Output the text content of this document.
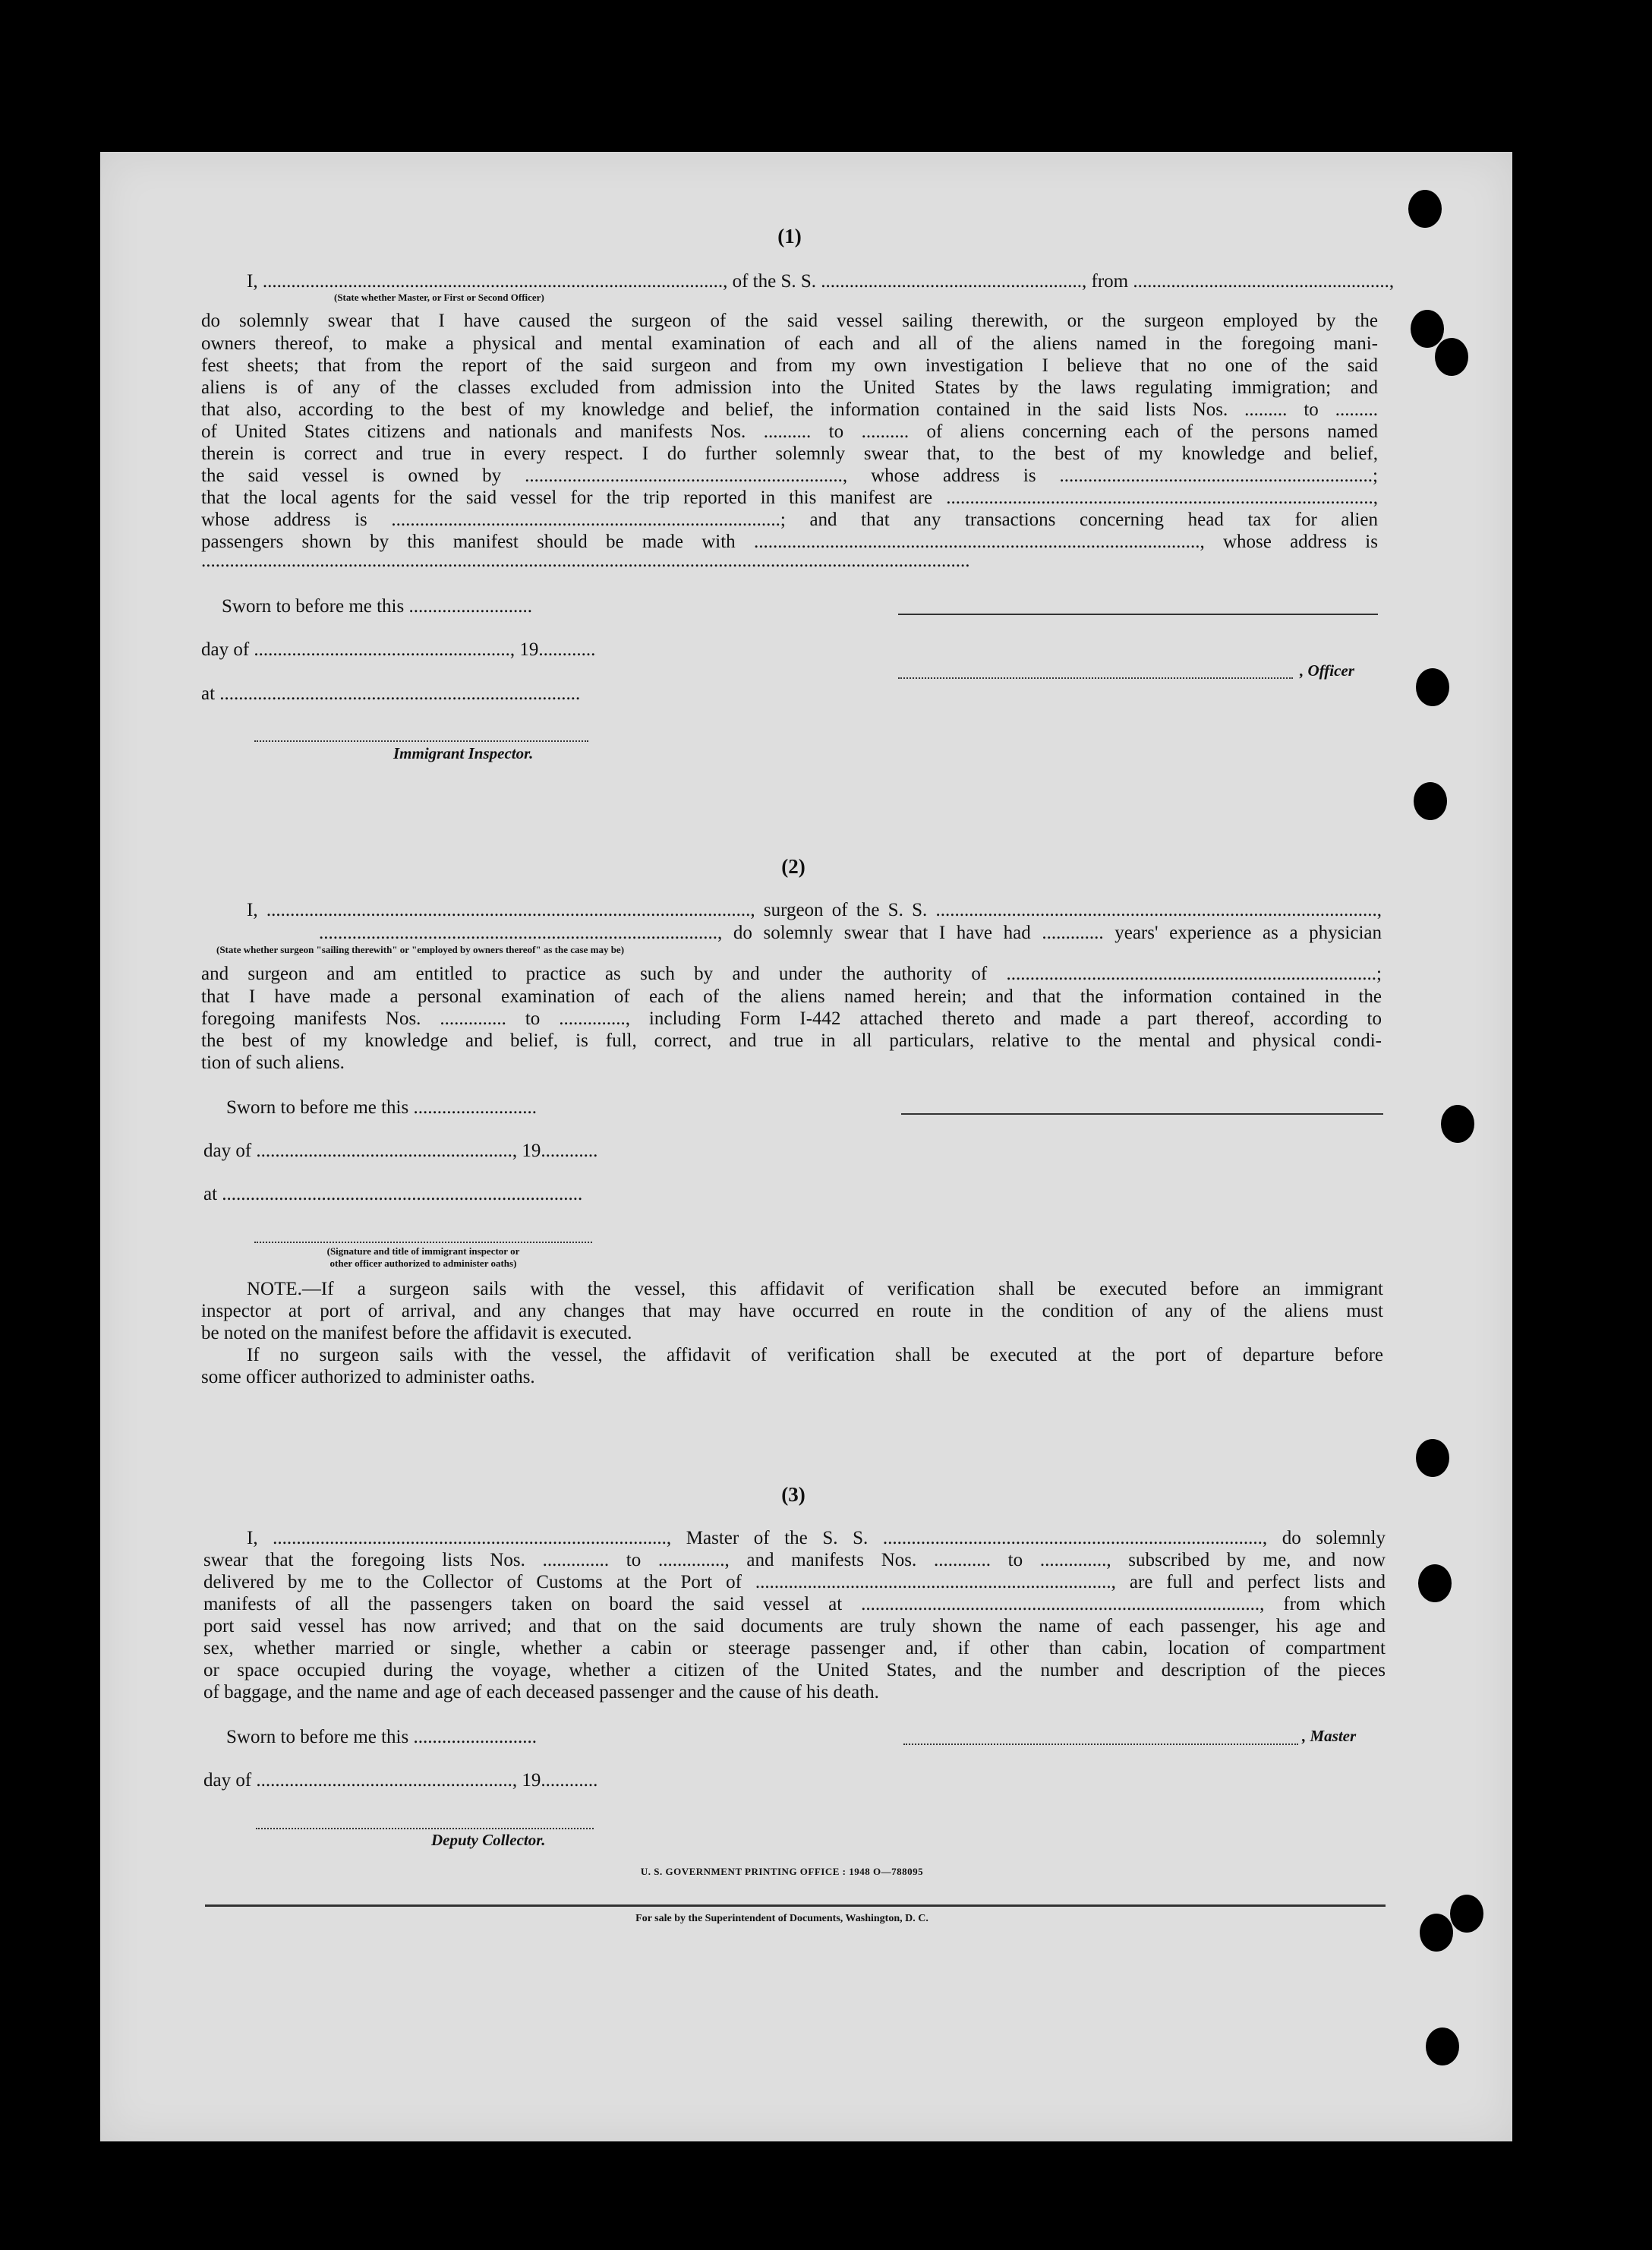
(1)
I, ................................................................................................., of the S. S. ......................................................., from ......................................................,
(State whether Master, or First or Second Officer)
do solemnly swear that I have caused the surgeon of the said vessel sailing therewith, or the surgeon employed by the
owners thereof, to make a physical and mental examination of each and all of the aliens named in the foregoing mani-
fest sheets; that from the report of the said surgeon and from my own investigation I believe that no one of the said
aliens is of any of the classes excluded from admission into the United States by the laws regulating immigration; and
that also, according to the best of my knowledge and belief, the information contained in the said lists Nos. ......... to .........
of United States citizens and nationals and manifests Nos. .......... to .......... of aliens concerning each of the persons named
therein is correct and true in every respect. I do further solemnly swear that, to the best of my knowledge and belief,
the said vessel is owned by ..................................................................., whose address is ..................................................................;
that the local agents for the said vessel for the trip reported in this manifest are ..........................................................................................,
whose address is ..................................................................................; and that any transactions concerning head tax for alien
passengers shown by this manifest should be made with .............................................................................................., whose address is
..................................................................................................................................................................
Sworn to before me this ..........................
day of ......................................................, 19............
at ............................................................................
Immigrant Inspector.
, Officer
(2)
I, ......................................................................................................, surgeon of the S. S. .............................................................................................,
...................................................................................., do solemnly swear that I have had ............. years' experience as a physician
(State whether surgeon "sailing therewith" or "employed by owners thereof" as the case may be)
and surgeon and am entitled to practice as such by and under the authority of ..............................................................................;
that I have made a personal examination of each of the aliens named herein; and that the information contained in the
foregoing manifests Nos. .............. to .............., including Form I-442 attached thereto and made a part thereof, according to
the best of my knowledge and belief, is full, correct, and true in all particulars, relative to the mental and physical condi-
tion of such aliens.
Sworn to before me this ..........................
day of ......................................................, 19............
at ............................................................................
(Signature and title of immigrant inspector or
other officer authorized to administer oaths)
NOTE.—If a surgeon sails with the vessel, this affidavit of verification shall be executed before an immigrant
inspector at port of arrival, and any changes that may have occurred en route in the condition of any of the aliens must
be noted on the manifest before the affidavit is executed.
If no surgeon sails with the vessel, the affidavit of verification shall be executed at the port of departure before
some officer authorized to administer oaths.
(3)
I, ..................................................................................., Master of the S. S. ................................................................................, do solemnly
swear that the foregoing lists Nos. .............. to .............., and manifests Nos. ............ to .............., subscribed by me, and now
delivered by me to the Collector of Customs at the Port of ..........................................................................., are full and perfect lists and
manifests of all the passengers taken on board the said vessel at ...................................................................................., from which
port said vessel has now arrived; and that on the said documents are truly shown the name of each passenger, his age and
sex, whether married or single, whether a cabin or steerage passenger and, if other than cabin, location of compartment
or space occupied during the voyage, whether a citizen of the United States, and the number and description of the pieces
of baggage, and the name and age of each deceased passenger and the cause of his death.
Sworn to before me this ..........................
day of ......................................................, 19............
Deputy Collector.
, Master
U. S. GOVERNMENT PRINTING OFFICE : 1948 O—788095
For sale by the Superintendent of Documents, Washington, D. C.
